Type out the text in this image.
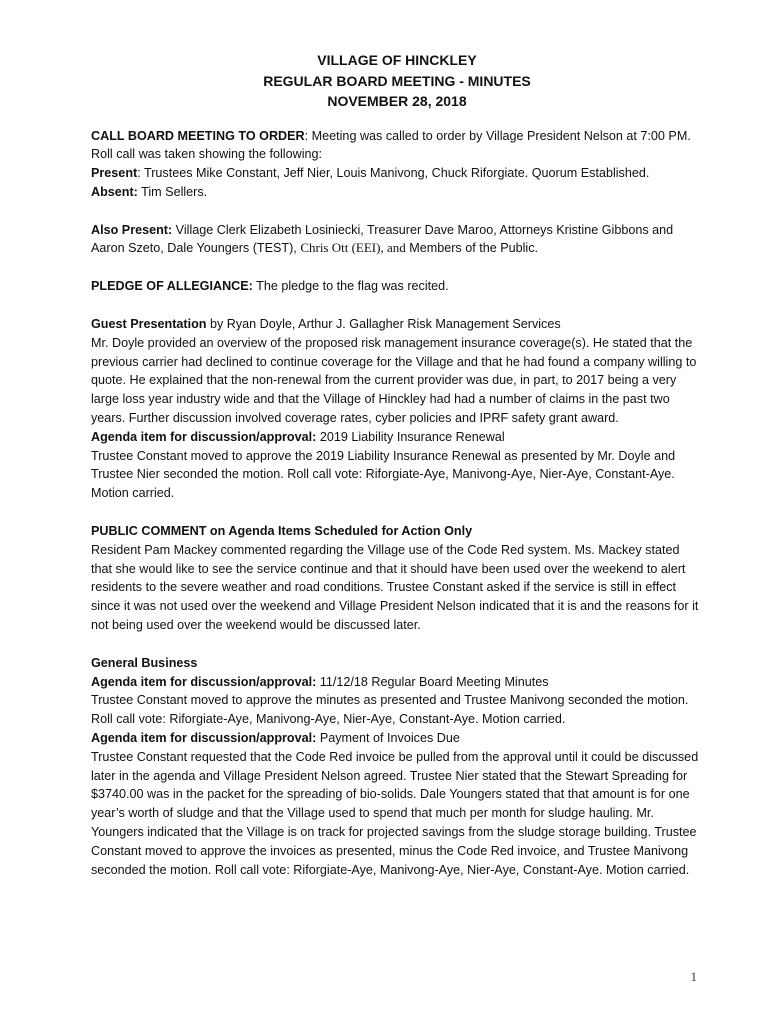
VILLAGE OF HINCKLEY
REGULAR BOARD MEETING - MINUTES
NOVEMBER 28, 2018

CALL BOARD MEETING TO ORDER: Meeting was called to order by Village President Nelson at 7:00 PM. Roll call was taken showing the following:

Present: Trustees Mike Constant, Jeff Nier, Louis Manivong, Chuck Riforgiate. Quorum Established.

Absent: Tim Sellers.

Also Present: Village Clerk Elizabeth Losiniecki, Treasurer Dave Maroo, Attorneys Kristine Gibbons and Aaron Szeto, Dale Youngers (TEST), Chris Ott (EEI), and Members of the Public.

PLEDGE OF ALLEGIANCE: The pledge to the flag was recited.

Guest Presentation by Ryan Doyle, Arthur J. Gallagher Risk Management Services

Mr. Doyle provided an overview of the proposed risk management insurance coverage(s). He stated that the previous carrier had declined to continue coverage for the Village and that he had found a company willing to quote. He explained that the non-renewal from the current provider was due, in part, to 2017 being a very large loss year industry wide and that the Village of Hinckley had had a number of claims in the past two years. Further discussion involved coverage rates, cyber policies and IPRF safety grant award.

Agenda item for discussion/approval: 2019 Liability Insurance Renewal

Trustee Constant moved to approve the 2019 Liability Insurance Renewal as presented by Mr. Doyle and Trustee Nier seconded the motion. Roll call vote: Riforgiate-Aye, Manivong-Aye, Nier-Aye, Constant-Aye. Motion carried.

PUBLIC COMMENT on Agenda Items Scheduled for Action Only

Resident Pam Mackey commented regarding the Village use of the Code Red system. Ms. Mackey stated that she would like to see the service continue and that it should have been used over the weekend to alert residents to the severe weather and road conditions. Trustee Constant asked if the service is still in effect since it was not used over the weekend and Village President Nelson indicated that it is and the reasons for it not being used over the weekend would be discussed later.

General Business

Agenda item for discussion/approval: 11/12/18 Regular Board Meeting Minutes

Trustee Constant moved to approve the minutes as presented and Trustee Manivong seconded the motion. Roll call vote: Riforgiate-Aye, Manivong-Aye, Nier-Aye, Constant-Aye. Motion carried.

Agenda item for discussion/approval: Payment of Invoices Due

Trustee Constant requested that the Code Red invoice be pulled from the approval until it could be discussed later in the agenda and Village President Nelson agreed. Trustee Nier stated that the Stewart Spreading for $3740.00 was in the packet for the spreading of bio-solids. Dale Youngers stated that that amount is for one year’s worth of sludge and that the Village used to spend that much per month for sludge hauling. Mr. Youngers indicated that the Village is on track for projected savings from the sludge storage building. Trustee Constant moved to approve the invoices as presented, minus the Code Red invoice, and Trustee Manivong seconded the motion. Roll call vote: Riforgiate-Aye, Manivong-Aye, Nier-Aye, Constant-Aye. Motion carried.

1
